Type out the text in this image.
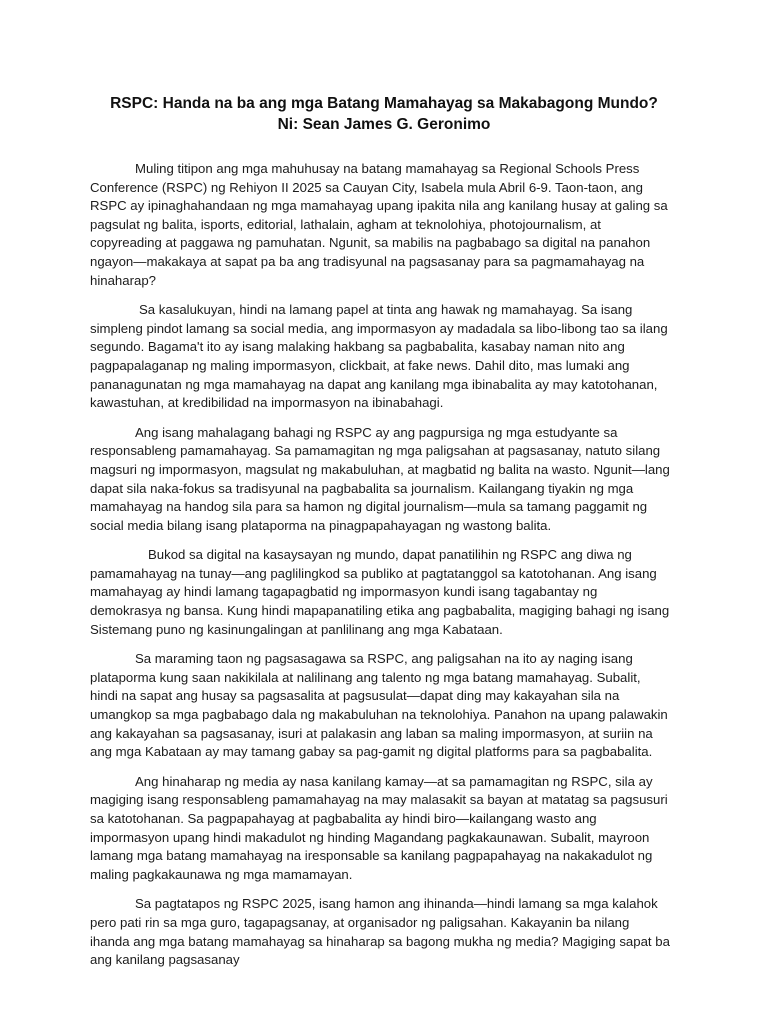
RSPC: Handa na ba ang mga Batang Mamahayag sa Makabagong Mundo?
Ni: Sean James G. Geronimo

Muling titipon ang mga mahuhusay na batang mamahayag sa Regional Schools Press Conference (RSPC) ng Rehiyon II 2025 sa Cauyan City, Isabela mula Abril 6-9. Taon-taon, ang RSPC ay ipinaghahandaan ng mga mamahayag upang ipakita nila ang kanilang husay at galing sa pagsulat ng balita, isports, editorial, lathalain, agham at teknolohiya, photojournalism, at copyreading at paggawa ng pamuhatan. Ngunit, sa mabilis na pagbabago sa digital na panahon ngayon—makakaya at sapat pa ba ang tradisyunal na pagsasanay para sa pagmamahayag na hinaharap?

Sa kasalukuyan, hindi na lamang papel at tinta ang hawak ng mamahayag. Sa isang simpleng pindot lamang sa social media, ang impormasyon ay madadala sa libo-libong tao sa ilang segundo. Bagama't ito ay isang malaking hakbang sa pagbabalita, kasabay naman nito ang pagpapalaganap ng maling impormasyon, clickbait, at fake news. Dahil dito, mas lumaki ang pananagunatan ng mga mamahayag na dapat ang kanilang mga ibinabalita ay may katotohanan, kawastuhan, at kredibilidad na impormasyon na ibinabahagi.

Ang isang mahalagang bahagi ng RSPC ay ang pagpursiga ng mga estudyante sa responsableng pamamahayag. Sa pamamagitan ng mga paligsahan at pagsasanay, natuto silang magsuri ng impormasyon, magsulat ng makabuluhan, at magbatid ng balita na wasto. Ngunit—lang dapat sila naka-fokus sa tradisyunal na pagbabalita sa journalism. Kailangang tiyakin ng mga mamahayag na handog sila para sa hamon ng digital journalism—mula sa tamang paggamit ng social media bilang isang plataporma na pinagpapahayagan ng wastong balita.

Bukod sa digital na kasaysayan ng mundo, dapat panatilihin ng RSPC ang diwa ng pamamahayag na tunay—ang paglilingkod sa publiko at pagtatanggol sa katotohanan. Ang isang mamahayag ay hindi lamang tagapagbatid ng impormasyon kundi isang tagabantay ng demokrasya ng bansa. Kung hindi mapapanatiling etika ang pagbabalita, magiging bahagi ng isang Sistemang puno ng kasinungalingan at panlilinang ang mga Kabataan.

Sa maraming taon ng pagsasagawa sa RSPC, ang paligsahan na ito ay naging isang plataporma kung saan nakikilala at nalilinang ang talento ng mga batang mamahayag. Subalit, hindi na sapat ang husay sa pagsasalita at pagsusulat—dapat ding may kakayahan sila na umangkop sa mga pagbabago dala ng makabuluhan na teknolohiya. Panahon na upang palawakin ang kakayahan sa pagsasanay, isuri at palakasin ang laban sa maling impormasyon, at suriin na ang mga Kabataan ay may tamang gabay sa pag-gamit ng digital platforms para sa pagbabalita.

Ang hinaharap ng media ay nasa kanilang kamay—at sa pamamagitan ng RSPC, sila ay magiging isang responsableng pamamahayag na may malasakit sa bayan at matatag sa pagsusuri sa katotohanan. Sa pagpapahayag at pagbabalita ay hindi biro—kailangang wasto ang impormasyon upang hindi makadulot ng hinding Magandang pagkakaunawan. Subalit, mayroon lamang mga batang mamahayag na iresponsable sa kanilang pagpapahayag na nakakadulot ng maling pagkakaunawa ng mga mamamayan.

Sa pagtatapos ng RSPC 2025, isang hamon ang ihinanda—hindi lamang sa mga kalahok pero pati rin sa mga guro, tagapagsanay, at organisador ng paligsahan. Kakayanin ba nilang ihanda ang mga batang mamahayag sa hinaharap sa bagong mukha ng media? Magiging sapat ba ang kanilang pagsasanay
